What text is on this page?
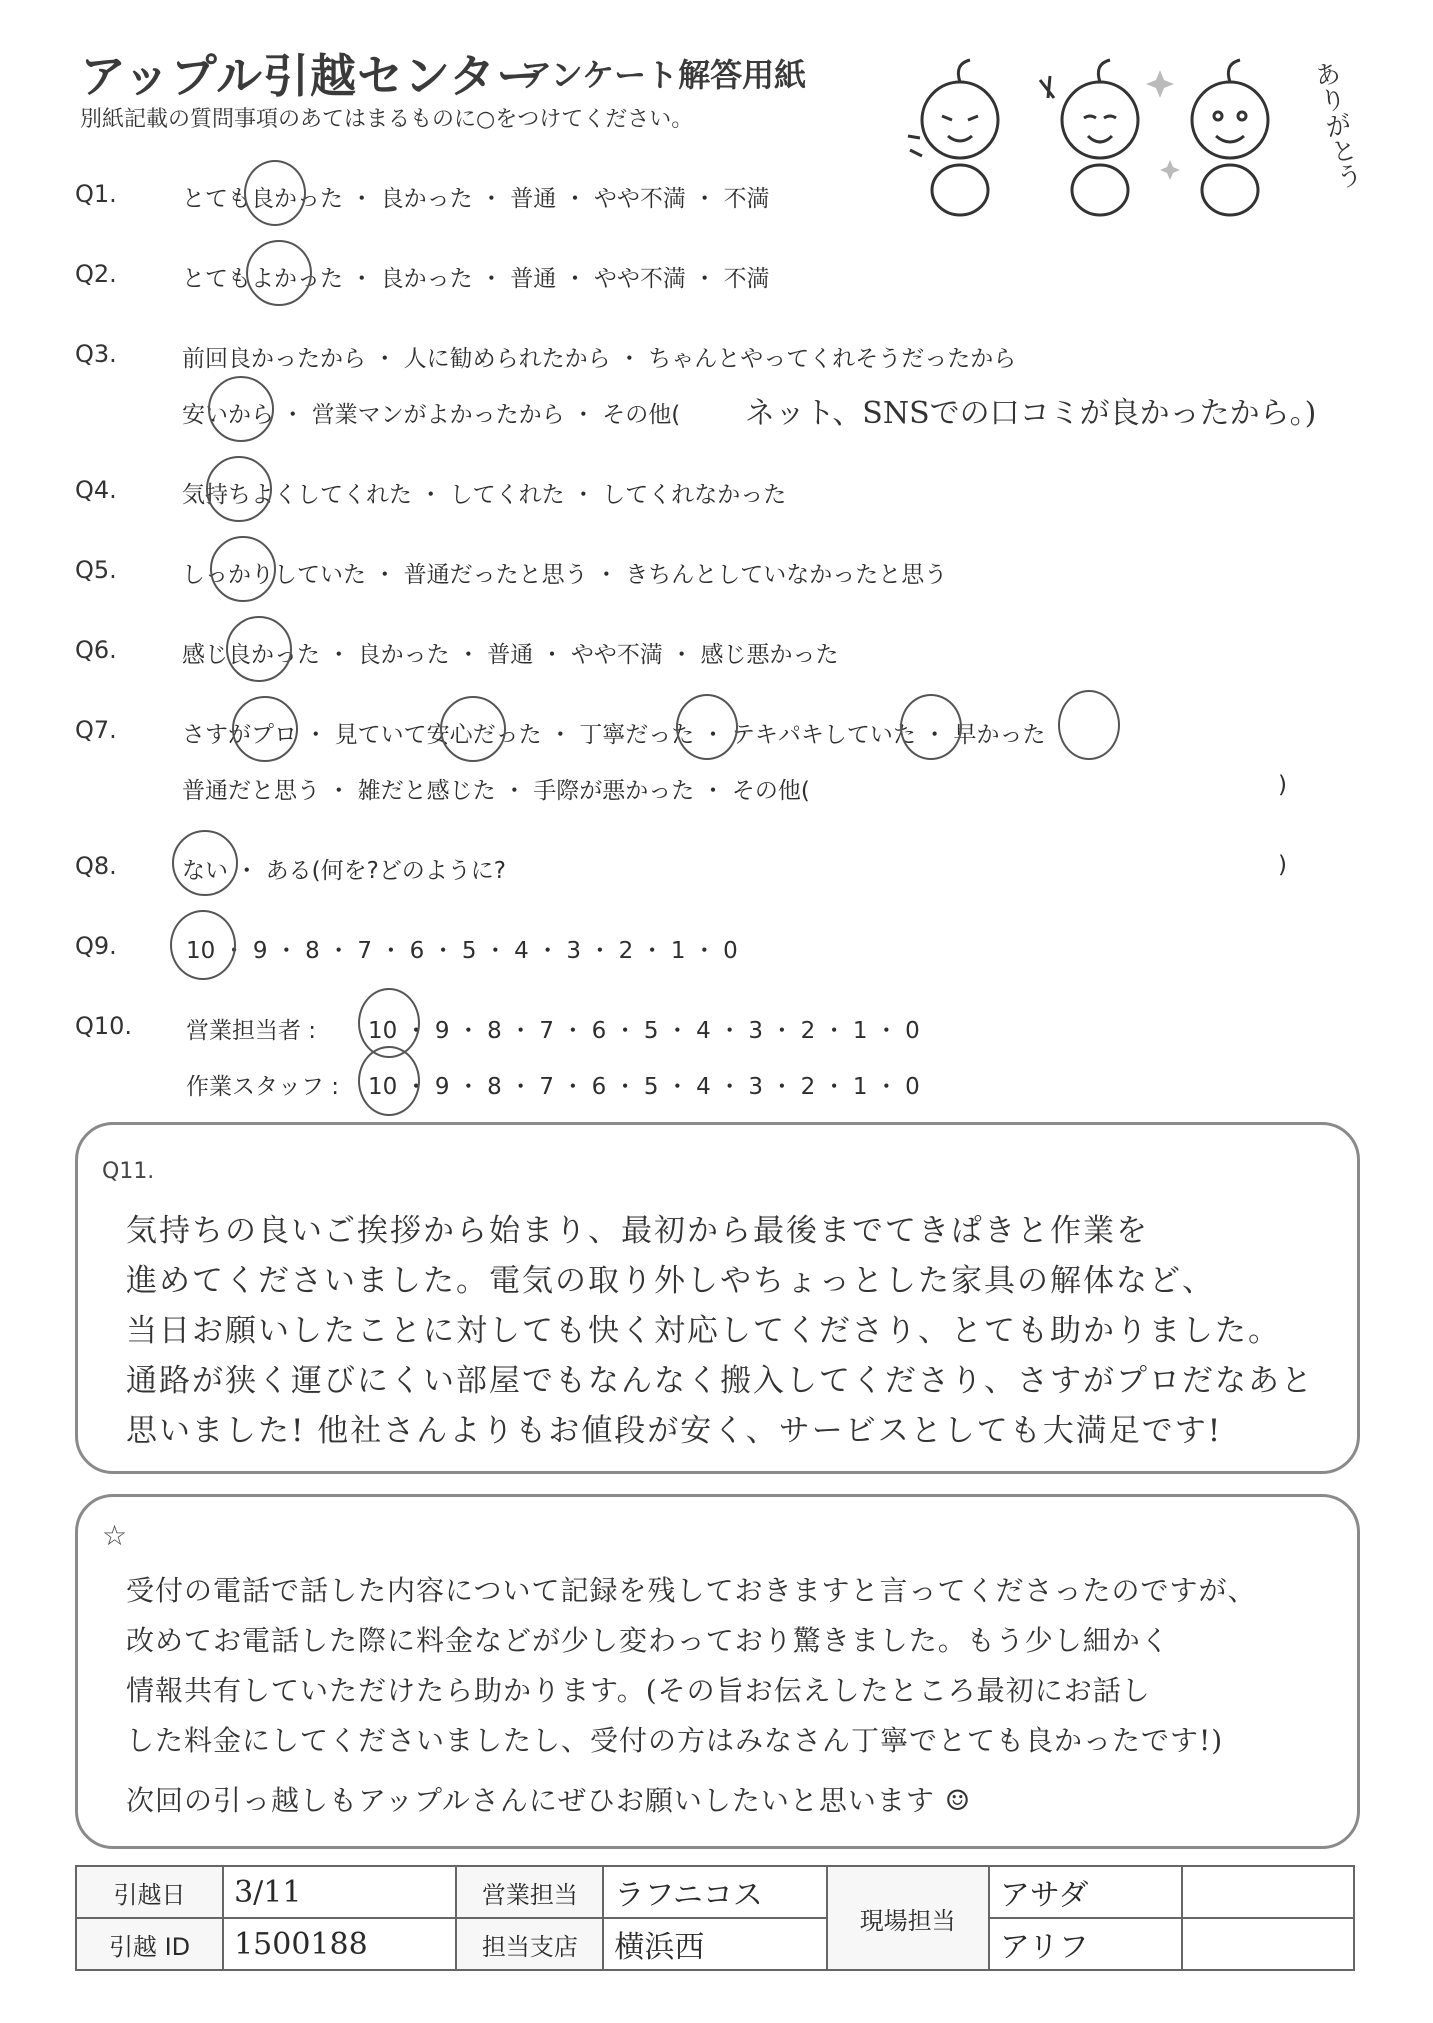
アップル引越センター
アンケート解答用紙
別紙記載の質問事項のあてはまるものに○をつけてください。	ありがとう
Q1.	とても良かった ・ 良かった ・ 普通 ・ やや不満 ・ 不満
Q2.	とてもよかった ・ 良かった ・ 普通 ・ やや不満 ・ 不満
Q3.	前回良かったから ・ 人に勧められたから ・ ちゃんとやってくれそうだったから
安いから ・ 営業マンがよかったから ・ その他( ネット、SNSでの口コミが良かったから。)
Q4.	気持ちよくしてくれた ・ してくれた ・ してくれなかった
Q5.	しっかりしていた ・ 普通だったと思う ・ きちんとしていなかったと思う
Q6.	感じ良かった ・ 良かった ・ 普通 ・ やや不満 ・ 感じ悪かった
Q7.	さすがプロ ・ 見ていて安心だった ・ 丁寧だった ・ テキパキしていた ・ 早かった
普通だと思う ・ 雑だと感じた ・ 手際が悪かった ・ その他(	)
Q8.	ない ・ ある(何を?どのように?	)
Q9.	10 ・ 9 ・ 8 ・ 7 ・ 6 ・ 5 ・ 4 ・ 3 ・ 2 ・ 1 ・ 0
Q10. 営業担当者 : 10 ・ 9 ・ 8 ・ 7 ・ 6 ・ 5 ・ 4 ・ 3 ・ 2 ・ 1 ・ 0
作業スタッフ : 10 ・ 9 ・ 8 ・ 7 ・ 6 ・ 5 ・ 4 ・ 3 ・ 2 ・ 1 ・ 0
Q11.
気持ちの良いご挨拶から始まり、最初から最後までてきぱきと作業を
進めてくださいました。電気の取り外しやちょっとした家具の解体など、
当日お願いしたことに対しても快く対応してくださり、とても助かりました。
通路が狭く運びにくい部屋でもなんなく搬入してくださり、さすがプロだなあと
思いました! 他社さんよりもお値段が安く、サービスとしても大満足です!
☆
受付の電話で話した内容について記録を残しておきますと言ってくださったのですが、
改めてお電話した際に料金などが少し変わっており驚きました。もう少し細かく
情報共有していただけたら助かります。(その旨お伝えしたところ最初にお話し
した料金にしてくださいましたし、受付の方はみなさん丁寧でとても良かったです!)
次回の引っ越しもアップルさんにぜひお願いしたいと思います ☺
引越日	3/11	営業担当	ラフニコス	現場担当	アサダ	
引越 ID	1500188	担当支店	横浜西		アリフ	
